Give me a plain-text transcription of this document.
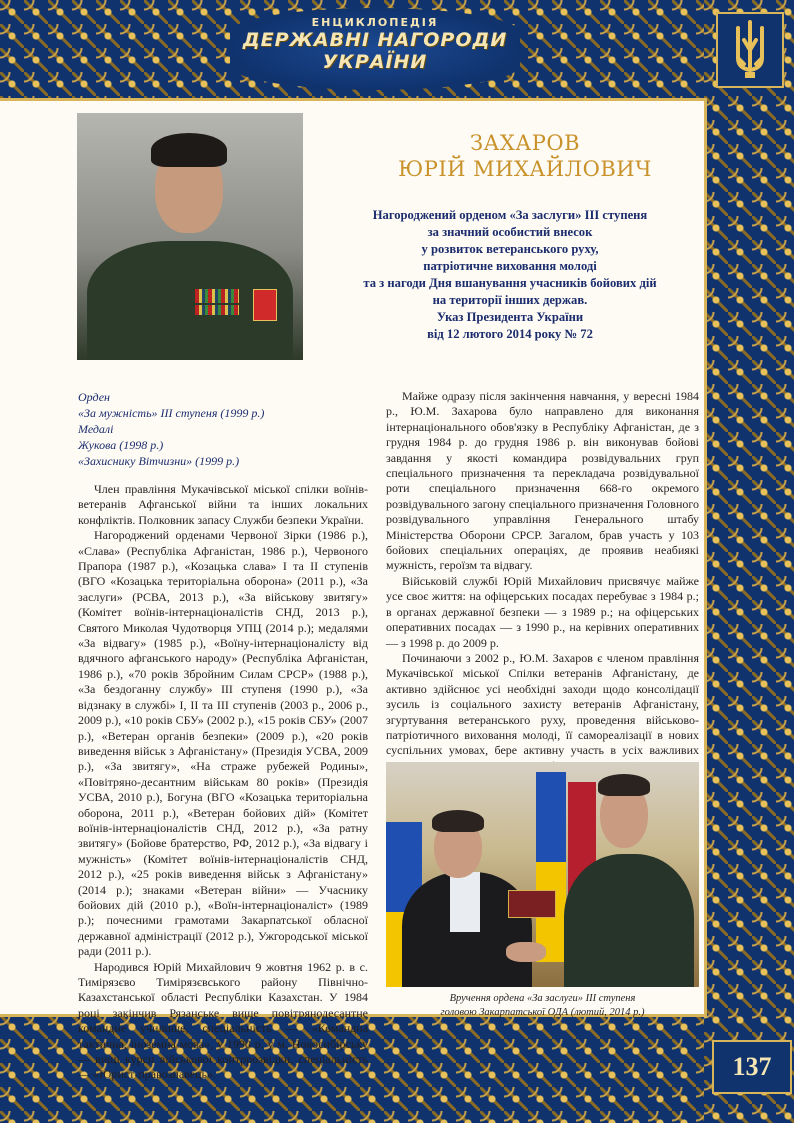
ЕНЦИКЛОПЕДІЯ
ДЕРЖАВНІ НАГОРОДИ
УКРАЇНИ
137
ЗАХАРОВ
ЮРІЙ МИХАЙЛОВИЧ
Нагороджений орденом «За заслуги» ІІІ ступеня
за значний особистий внесок
у розвиток ветеранського руху,
патріотичне виховання молоді
та з нагоди Дня вшанування учасників бойових дій
на території інших держав.
Указ Президента України
від 12 лютого 2014 року № 72
Орден
«За мужність» ІІІ ступеня (1999 р.)
Медалі
Жукова (1998 р.)
«Захиснику Вітчизни» (1999 р.)

Член правління Мукачівської міської спілки воїнів-ветеранів Афганської війни та інших локальних конфліктів. Полковник запасу Служби безпеки України.

Нагороджений орденами Червоної Зірки (1986 р.), «Слава» (Республіка Афганістан, 1986 р.), Червоного Прапора (1987 р.), «Козацька слава» І та ІІ ступенів (ВГО «Козацька територіальна оборона» (2011 р.), «За заслуги» (РСВА, 2013 р.), «За військову звитягу» (Комітет воїнів-інтернаціоналістів СНД, 2013 р.), Святого Миколая Чудотворця УПЦ (2014 р.); медалями «За відвагу» (1985 р.), «Воїну-інтернаціоналісту від вдячного афганського народу» (Республіка Афганістан, 1986 р.), «70 років Збройним Силам СРСР» (1988 р.), «За бездоганну службу» ІІІ ступеня (1990 р.), «За відзнаку в службі» І, ІІ та ІІІ ступенів (2003 р., 2006 р., 2009 р.), «10 років СБУ» (2002 р.), «15 років СБУ» (2007 р.), «Ветеран органів безпеки» (2009 р.), «20 років виведення військ з Афганістану» (Президія УСВА, 2009 р.), «За звитягу», «На страже рубежей Родины», «Повітряно-десантним військам 80 років» (Президія УСВА, 2010 р.), Богуна (ВГО «Козацька територіальна оборона, 2011 р.), «Ветеран бойових дій» (Комітет воїнів-інтернаціоналістів СНД, 2012 р.), «За ратну звитягу» (Бойове братерство, РФ, 2012 р.), «За відвагу і мужність» (Комітет воїнів-інтернаціоналістів СНД, 2012 р.), «25 років виведення військ з Афганістану» (2014 р.); знаками «Ветеран війни» — Учаснику бойових дій (2010 р.), «Воїн-інтернаціоналіст» (1989 р.); почесними грамотами Закарпатської обласної державної адміністрації (2012 р.), Ужгородської міської ради (2011 р.).

Народився Юрій Михайлович 9 жовтня 1962 р. в с. Тимірязєво Тимірязєвського району Північно-Казахстанської області Республіки Казахстан. У 1984 році закінчив Рязанське вище повітрянодесантне командне училище, спеціальність — «Командна тактична, іноземна мова», у 1990 р. у м. Новосибірську — вищі курси військової контррозвідки, спеціальність — «Юрист-правознавець».

Майже одразу після закінчення навчання, у вересні 1984 р., Ю.М. Захарова було направлено для виконання інтернаціонального обов'язку в Республіку Афганістан, де з грудня 1984 р. до грудня 1986 р. він виконував бойові завдання у якості командира розвідувальних груп спеціального призначення та перекладача розвідувальної роти спеціального призначення 668-го окремого розвідувального загону спеціального призначення Головного розвідувального управління Генерального штабу Міністерства Оборони СРСР. Загалом, брав участь у 103 бойових спеціальних операціях, де проявив неабиякі мужність, героїзм та відвагу.

Військовій службі Юрій Михайлович присвячує майже усе своє життя: на офіцерських посадах перебуває з 1984 р.; в органах державної безпеки — з 1989 р.; на офіцерських оперативних посадах — з 1990 р., на керівних оперативних — з 1998 р. до 2009 р.

Починаючи з 2002 р., Ю.М. Захаров є членом правління Мукачівської міської Спілки ветеранів Афганістану, де активно здійснює усі необхідні заходи щодо консолідації зусиль із соціального захисту ветеранів Афганістану, згуртування ветеранського руху, проведення військово-патріотичного виховання молоді, її самореалізації в нових суспільних умовах, бере активну участь в усіх важливих

Вручення ордена «За заслуги» ІІІ ступеня
головою Закарпатської ОДА (лютий, 2014 р.)
